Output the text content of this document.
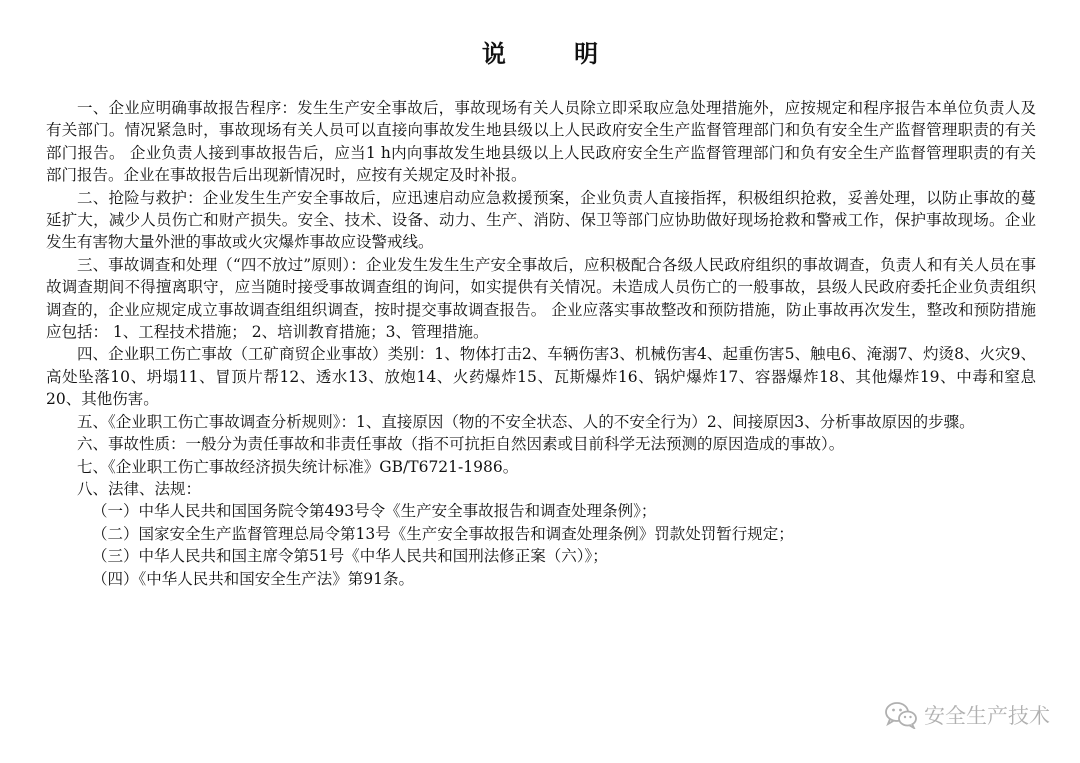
说 明

一、企业应明确事故报告程序：发生生产安全事故后，事故现场有关人员除立即采取应急处理措施外，应按规定和程序报告本单位负责人及有关部门。情况紧急时，事故现场有关人员可以直接向事故发生地县级以上人民政府安全生产监督管理部门和负有安全生产监督管理职责的有关部门报告。 企业负责人接到事故报告后，应当1 h内向事故发生地县级以上人民政府安全生产监督管理部门和负有安全生产监督管理职责的有关部门报告。企业在事故报告后出现新情况时，应按有关规定及时补报。

二、抢险与救护：企业发生生产安全事故后，应迅速启动应急救援预案，企业负责人直接指挥，积极组织抢救，妥善处理，以防止事故的蔓延扩大，减少人员伤亡和财产损失。安全、技术、设备、动力、生产、消防、保卫等部门应协助做好现场抢救和警戒工作，保护事故现场。企业发生有害物大量外泄的事故或火灾爆炸事故应设警戒线。

三、事故调查和处理（“四不放过”原则）：企业发生发生生产安全事故后，应积极配合各级人民政府组织的事故调查，负责人和有关人员在事故调查期间不得擅离职守，应当随时接受事故调查组的询问，如实提供有关情况。未造成人员伤亡的一般事故，县级人民政府委托企业负责组织调查的，企业应规定成立事故调查组组织调查，按时提交事故调查报告。 企业应落实事故整改和预防措施，防止事故再次发生，整改和预防措施应包括： 1、工程技术措施； 2、培训教育措施；3、管理措施。

四、企业职工伤亡事故（工矿商贸企业事故）类别：1、物体打击2、车辆伤害3、机械伤害4、起重伤害5、触电6、淹溺7、灼烫8、火灾9、高处坠落10、坍塌11、冒顶片帮12、透水13、放炮14、火药爆炸15、瓦斯爆炸16、锅炉爆炸17、容器爆炸18、其他爆炸19、中毒和窒息20、其他伤害。

五、《企业职工伤亡事故调查分析规则》：1、直接原因（物的不安全状态、人的不安全行为）2、间接原因3、分析事故原因的步骤。

六、事故性质：一般分为责任事故和非责任事故（指不可抗拒自然因素或目前科学无法预测的原因造成的事故）。

七、《企业职工伤亡事故经济损失统计标准》GB/T6721-1986。

八、法律、法规：

（一）中华人民共和国国务院令第493号令《生产安全事故报告和调查处理条例》；

（二）国家安全生产监督管理总局令第13号《生产安全事故报告和调查处理条例》罚款处罚暂行规定；

（三）中华人民共和国主席令第51号《中华人民共和国刑法修正案（六）》；

（四）《中华人民共和国安全生产法》第91条。

安全生产技术
